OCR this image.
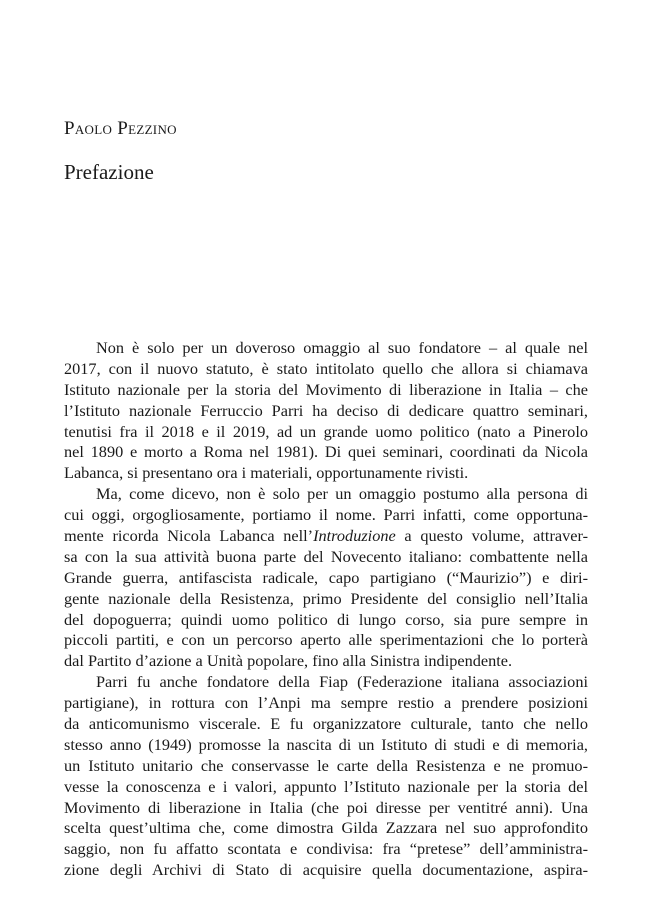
Paolo Pezzino
Prefazione
Non è solo per un doveroso omaggio al suo fondatore – al quale nel
2017, con il nuovo statuto, è stato intitolato quello che allora si chiamava
Istituto nazionale per la storia del Movimento di liberazione in Italia – che
l’Istituto nazionale Ferruccio Parri ha deciso di dedicare quattro seminari,
tenutisi fra il 2018 e il 2019, ad un grande uomo politico (nato a Pinerolo
nel 1890 e morto a Roma nel 1981). Di quei seminari, coordinati da Nicola
Labanca, si presentano ora i materiali, opportunamente rivisti.
Ma, come dicevo, non è solo per un omaggio postumo alla persona di
cui oggi, orgogliosamente, portiamo il nome. Parri infatti, come opportuna-
mente ricorda Nicola Labanca nell’Introduzione a questo volume, attraver-
sa con la sua attività buona parte del Novecento italiano: combattente nella
Grande guerra, antifascista radicale, capo partigiano (“Maurizio”) e diri-
gente nazionale della Resistenza, primo Presidente del consiglio nell’Italia
del dopoguerra; quindi uomo politico di lungo corso, sia pure sempre in
piccoli partiti, e con un percorso aperto alle sperimentazioni che lo porterà
dal Partito d’azione a Unità popolare, fino alla Sinistra indipendente.
Parri fu anche fondatore della Fiap (Federazione italiana associazioni
partigiane), in rottura con l’Anpi ma sempre restio a prendere posizioni
da anticomunismo viscerale. E fu organizzatore culturale, tanto che nello
stesso anno (1949) promosse la nascita di un Istituto di studi e di memoria,
un Istituto unitario che conservasse le carte della Resistenza e ne promuo-
vesse la conoscenza e i valori, appunto l’Istituto nazionale per la storia del
Movimento di liberazione in Italia (che poi diresse per ventitré anni). Una
scelta quest’ultima che, come dimostra Gilda Zazzara nel suo approfondito
saggio, non fu affatto scontata e condivisa: fra “pretese” dell’amministra-
zione degli Archivi di Stato di acquisire quella documentazione, aspira-
